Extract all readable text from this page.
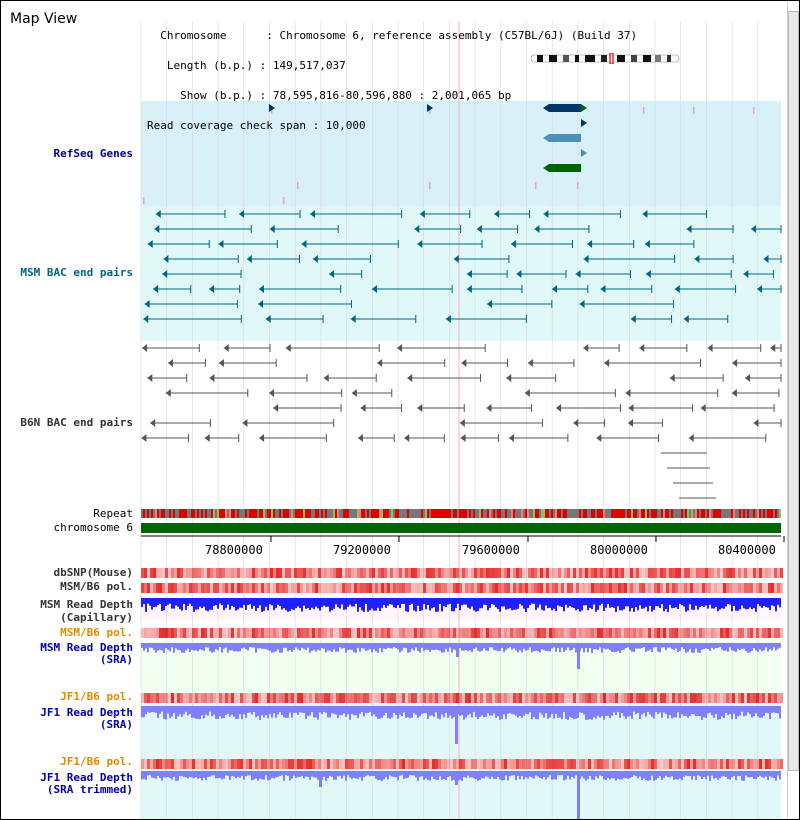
Map View

Chromosome      : Chromosome 6, reference assembly (C57BL/6J) (Build 37)

Length (b.p.) : 149,517,037

Show (b.p.) : 78,595,816-80,596,880 : 2,001,065 bp

Read coverage check span : 10,000

RefSeq Genes
MSM BAC end pairs
B6N BAC end pairs
Repeat
chromosome 6
dbSNP(Mouse)
MSM/B6 pol.
MSM Read Depth
(Capillary)
MSM/B6 pol.
MSM Read Depth
(SRA)
JF1/B6 pol.
JF1 Read Depth
(SRA)
JF1/B6 pol.
JF1 Read Depth
(SRA trimmed)
78800000	79200000	79600000	80000000	80400000
